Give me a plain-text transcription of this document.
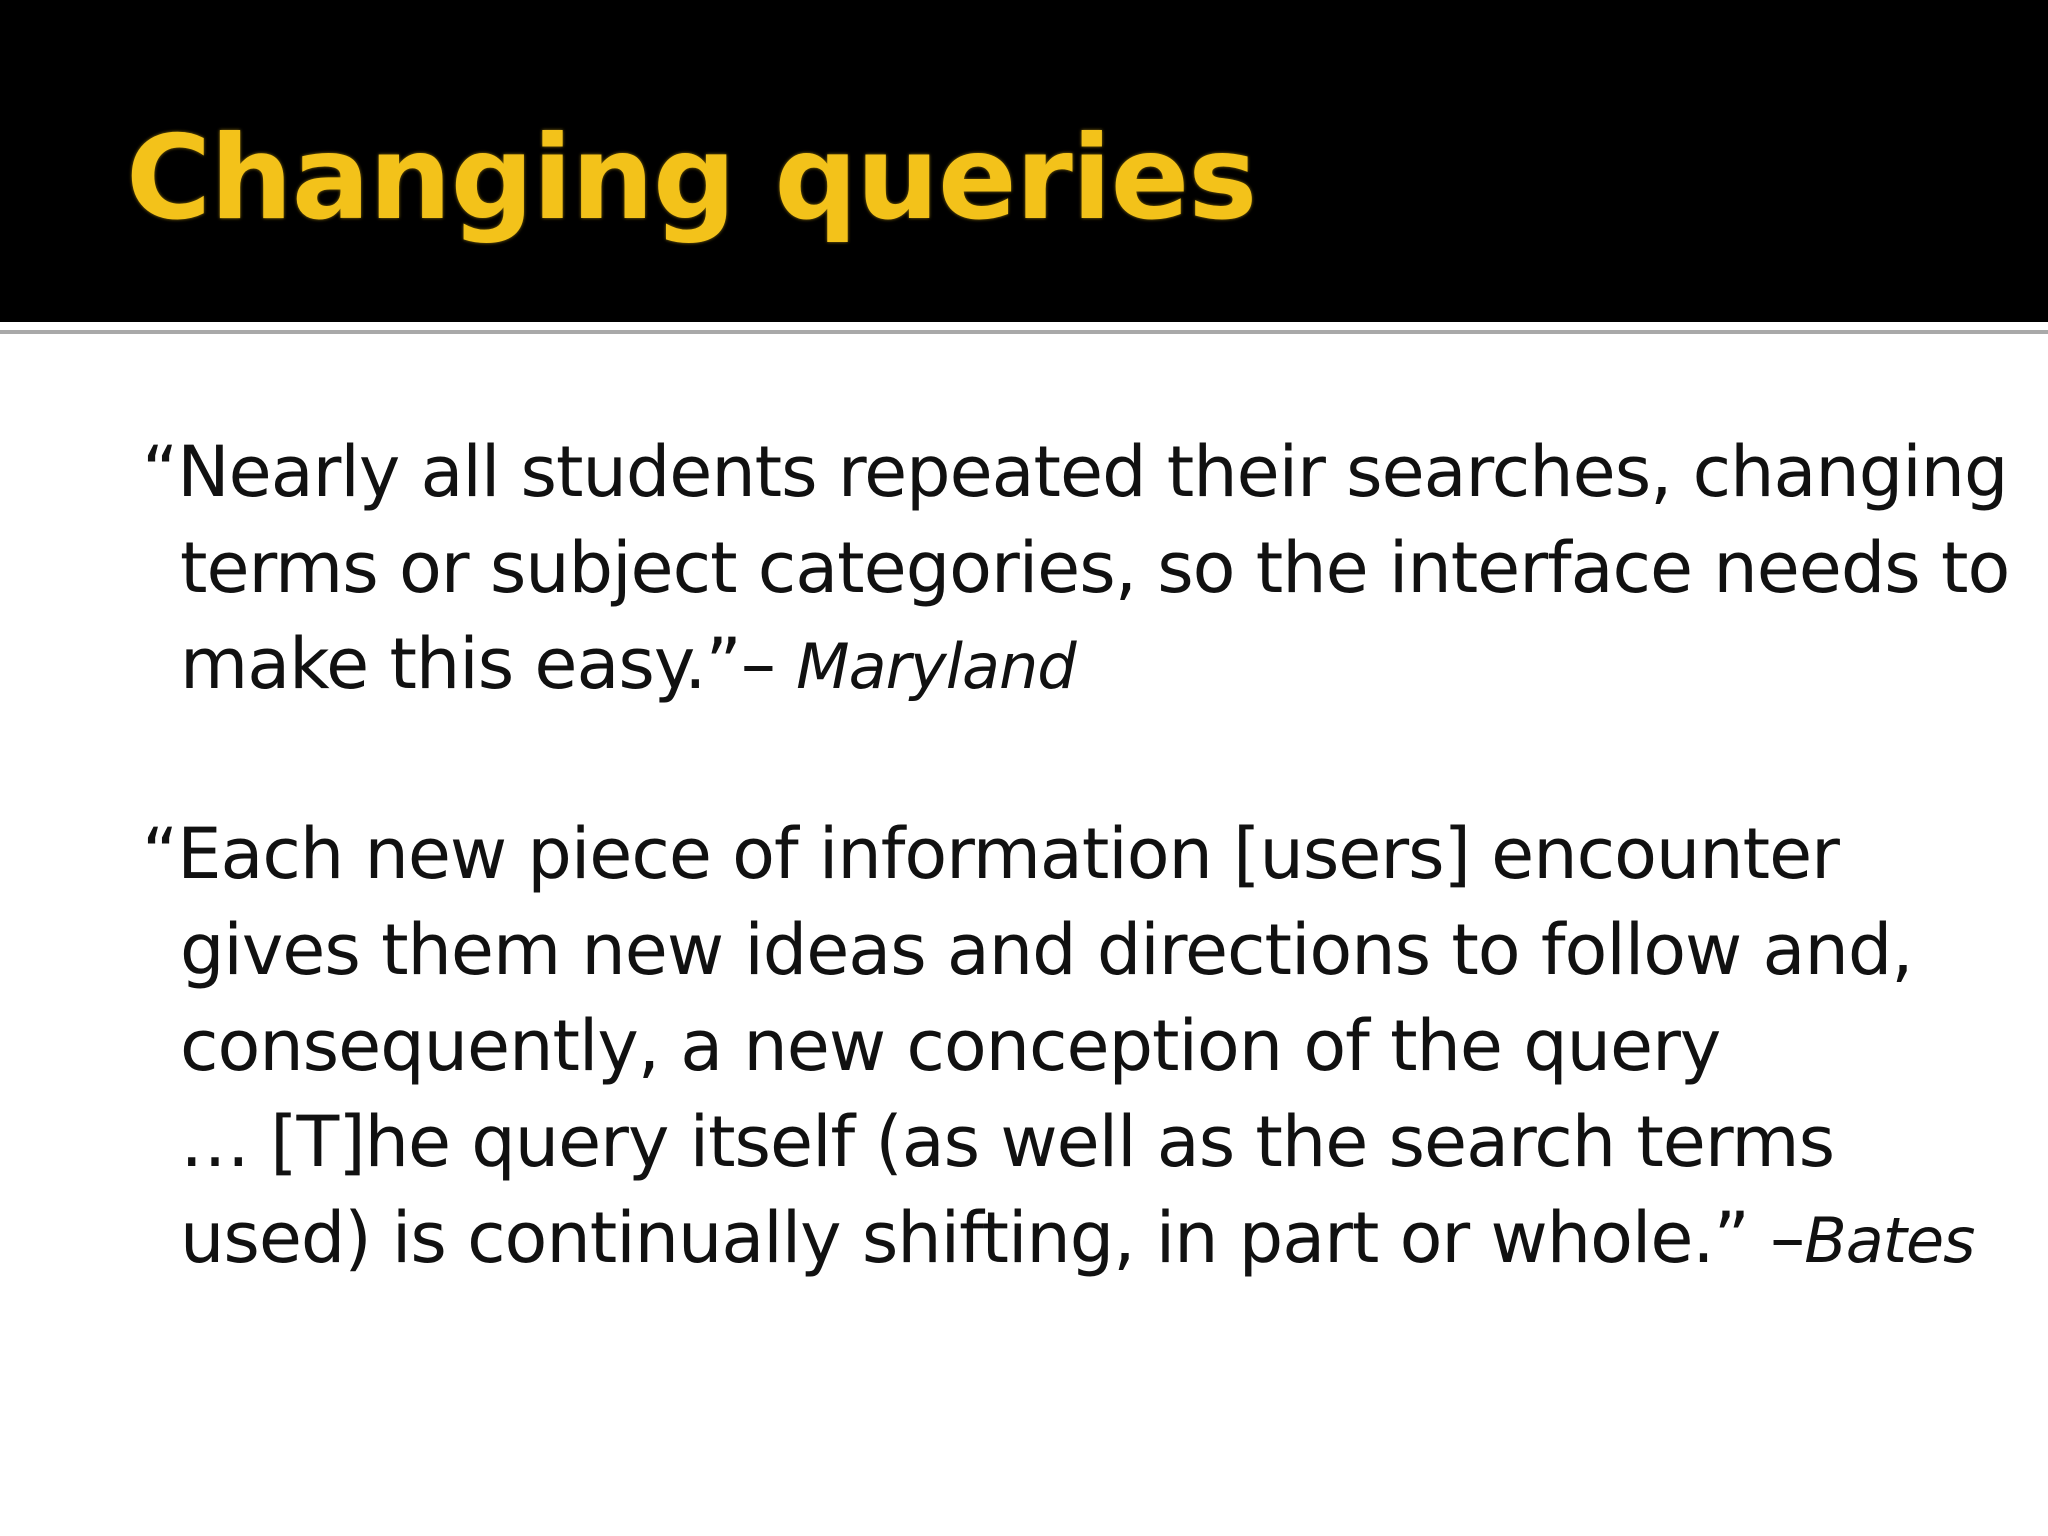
Changing queries
“Nearly all students repeated their searches, changing
terms or subject categories, so the interface needs to
make this easy.”– Maryland
“Each new piece of information [users] encounter
gives them new ideas and directions to follow and,
consequently, a new conception of the query
… [T]he query itself (as well as the search terms
used) is continually shifting, in part or whole.” –Bates
